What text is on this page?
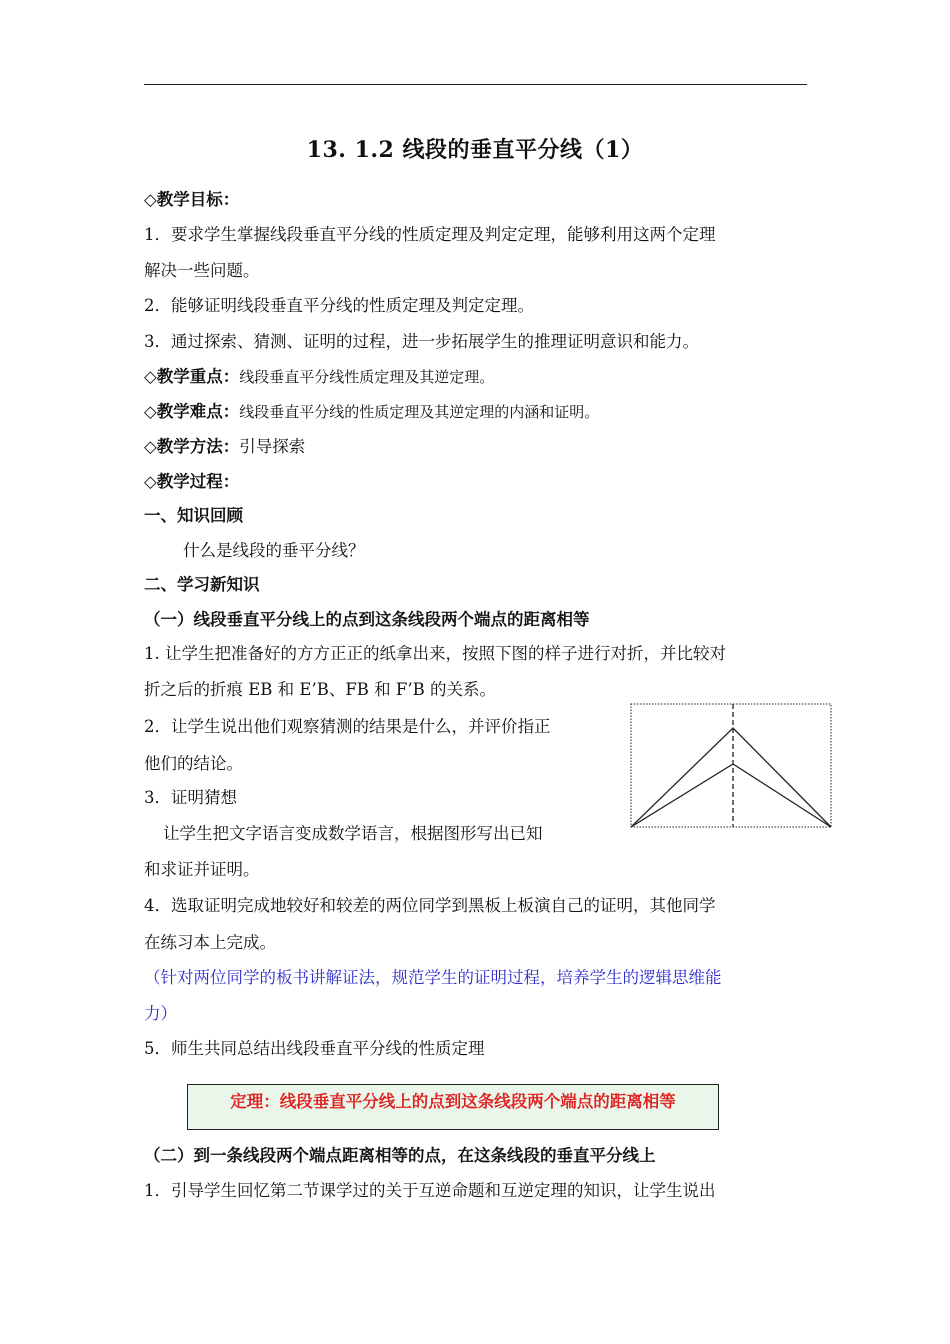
13. 1.2 线段的垂直平分线（1）
◇教学目标：
1．要求学生掌握线段垂直平分线的性质定理及判定定理，能够利用这两个定理
解决一些问题。
2．能够证明线段垂直平分线的性质定理及判定定理。
3．通过探索、猜测、证明的过程，进一步拓展学生的推理证明意识和能力。
◇教学重点：线段垂直平分线性质定理及其逆定理。
◇教学难点：线段垂直平分线的性质定理及其逆定理的内涵和证明。
◇教学方法：引导探索
◇教学过程：
一、知识回顾
什么是线段的垂平分线？
二、学习新知识
（一）线段垂直平分线上的点到这条线段两个端点的距离相等
1. 让学生把准备好的方方正正的纸拿出来，按照下图的样子进行对折，并比较对
折之后的折痕 EB 和 E’B、FB 和 F’B 的关系。
2．让学生说出他们观察猜测的结果是什么，并评价指正
他们的结论。
3．证明猜想
让学生把文字语言变成数学语言，根据图形写出已知
和求证并证明。
4．选取证明完成地较好和较差的两位同学到黑板上板演自己的证明，其他同学
在练习本上完成。
（针对两位同学的板书讲解证法，规范学生的证明过程，培养学生的逻辑思维能
力）
5．师生共同总结出线段垂直平分线的性质定理
定理：线段垂直平分线上的点到这条线段两个端点的距离相等
（二）到一条线段两个端点距离相等的点，在这条线段的垂直平分线上
1．引导学生回忆第二节课学过的关于互逆命题和互逆定理的知识，让学生说出
